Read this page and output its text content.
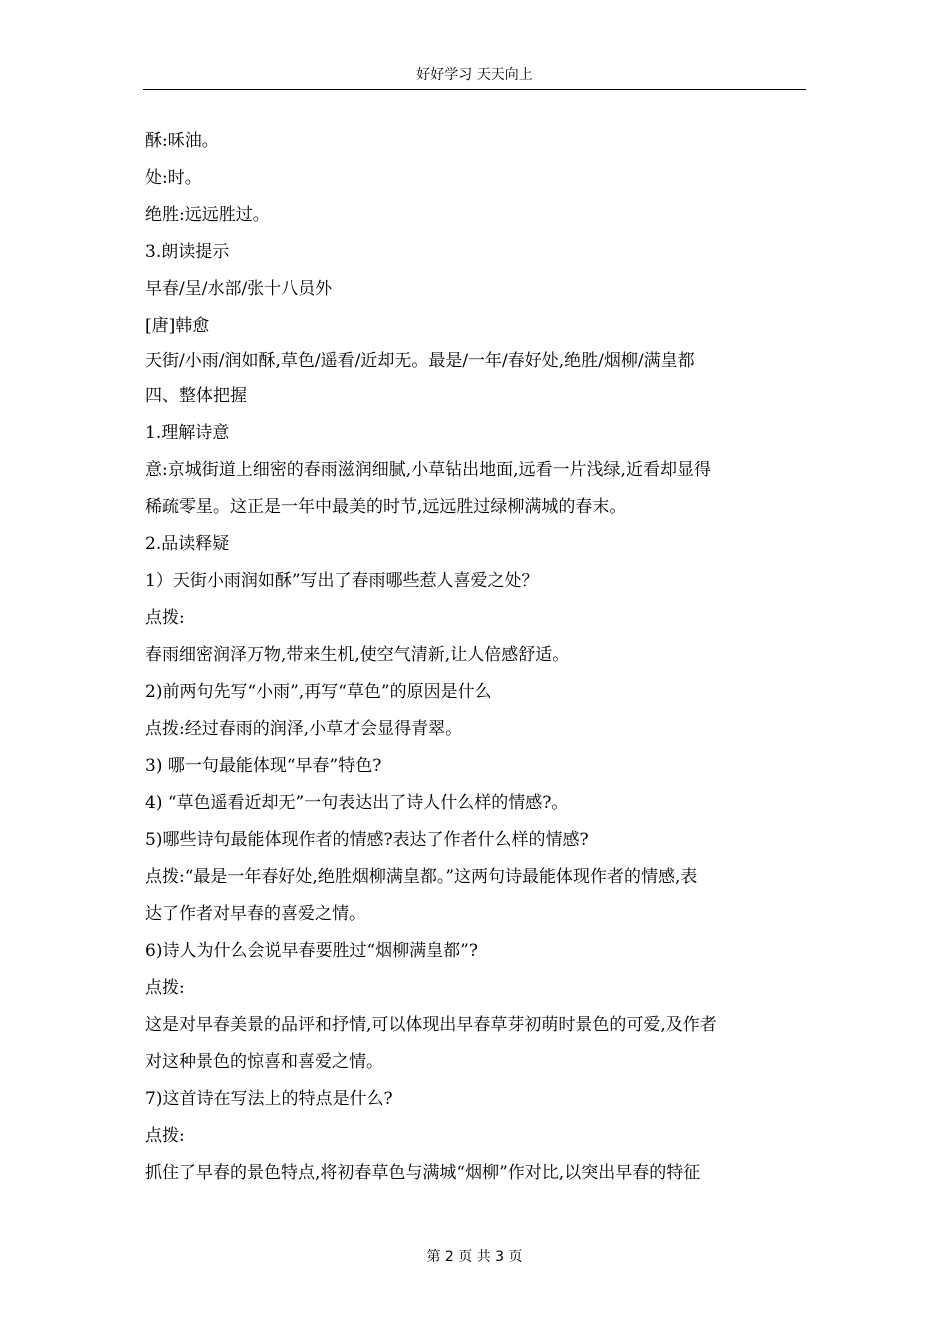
好好学习 天天向上
酥:咊油。
处:时。
绝胜:远远胜过。
3.朗读提示
早春/呈/水部/张十八员外
[唐]韩愈
天街/小雨/润如酥,草色/遥看/近却无。最是/一年/春好处,绝胜/烟柳/满皇都
四、整体把握
1.理解诗意
意:京城街道上细密的春雨滋润细腻,小草钻出地面,远看一片浅绿,近看却显得
稀疏零星。这正是一年中最美的时节,远远胜过绿柳满城的春末。
2.品读释疑
1）天街小雨润如酥”写出了春雨哪些惹人喜爱之处？
点拨:
春雨细密润泽万物,带来生机,使空气清新,让人倍感舒适。
2)前两句先写“小雨”,再写“草色”的原因是什么
点拨:经过春雨的润泽,小草才会显得青翠。
3) 哪一句最能体现“早春”特色?
4) “草色遥看近却无”一句表达出了诗人什么样的情感?。
5)哪些诗句最能体现作者的情感?表达了作者什么样的情感?
点拨:“最是一年春好处,绝胜烟柳满皇都。”这两句诗最能体现作者的情感,表
达了作者对早春的喜爱之情。
6)诗人为什么会说早春要胜过“烟柳满皇都”?
点拨:
这是对早春美景的品评和抒情,可以体现出早春草芽初萌时景色的可爱,及作者
对这种景色的惊喜和喜爱之情。
7)这首诗在写法上的特点是什么?
点拨:
抓住了早春的景色特点,将初春草色与满城“烟柳”作对比,以突出早春的特征
第 2 页 共 3 页
